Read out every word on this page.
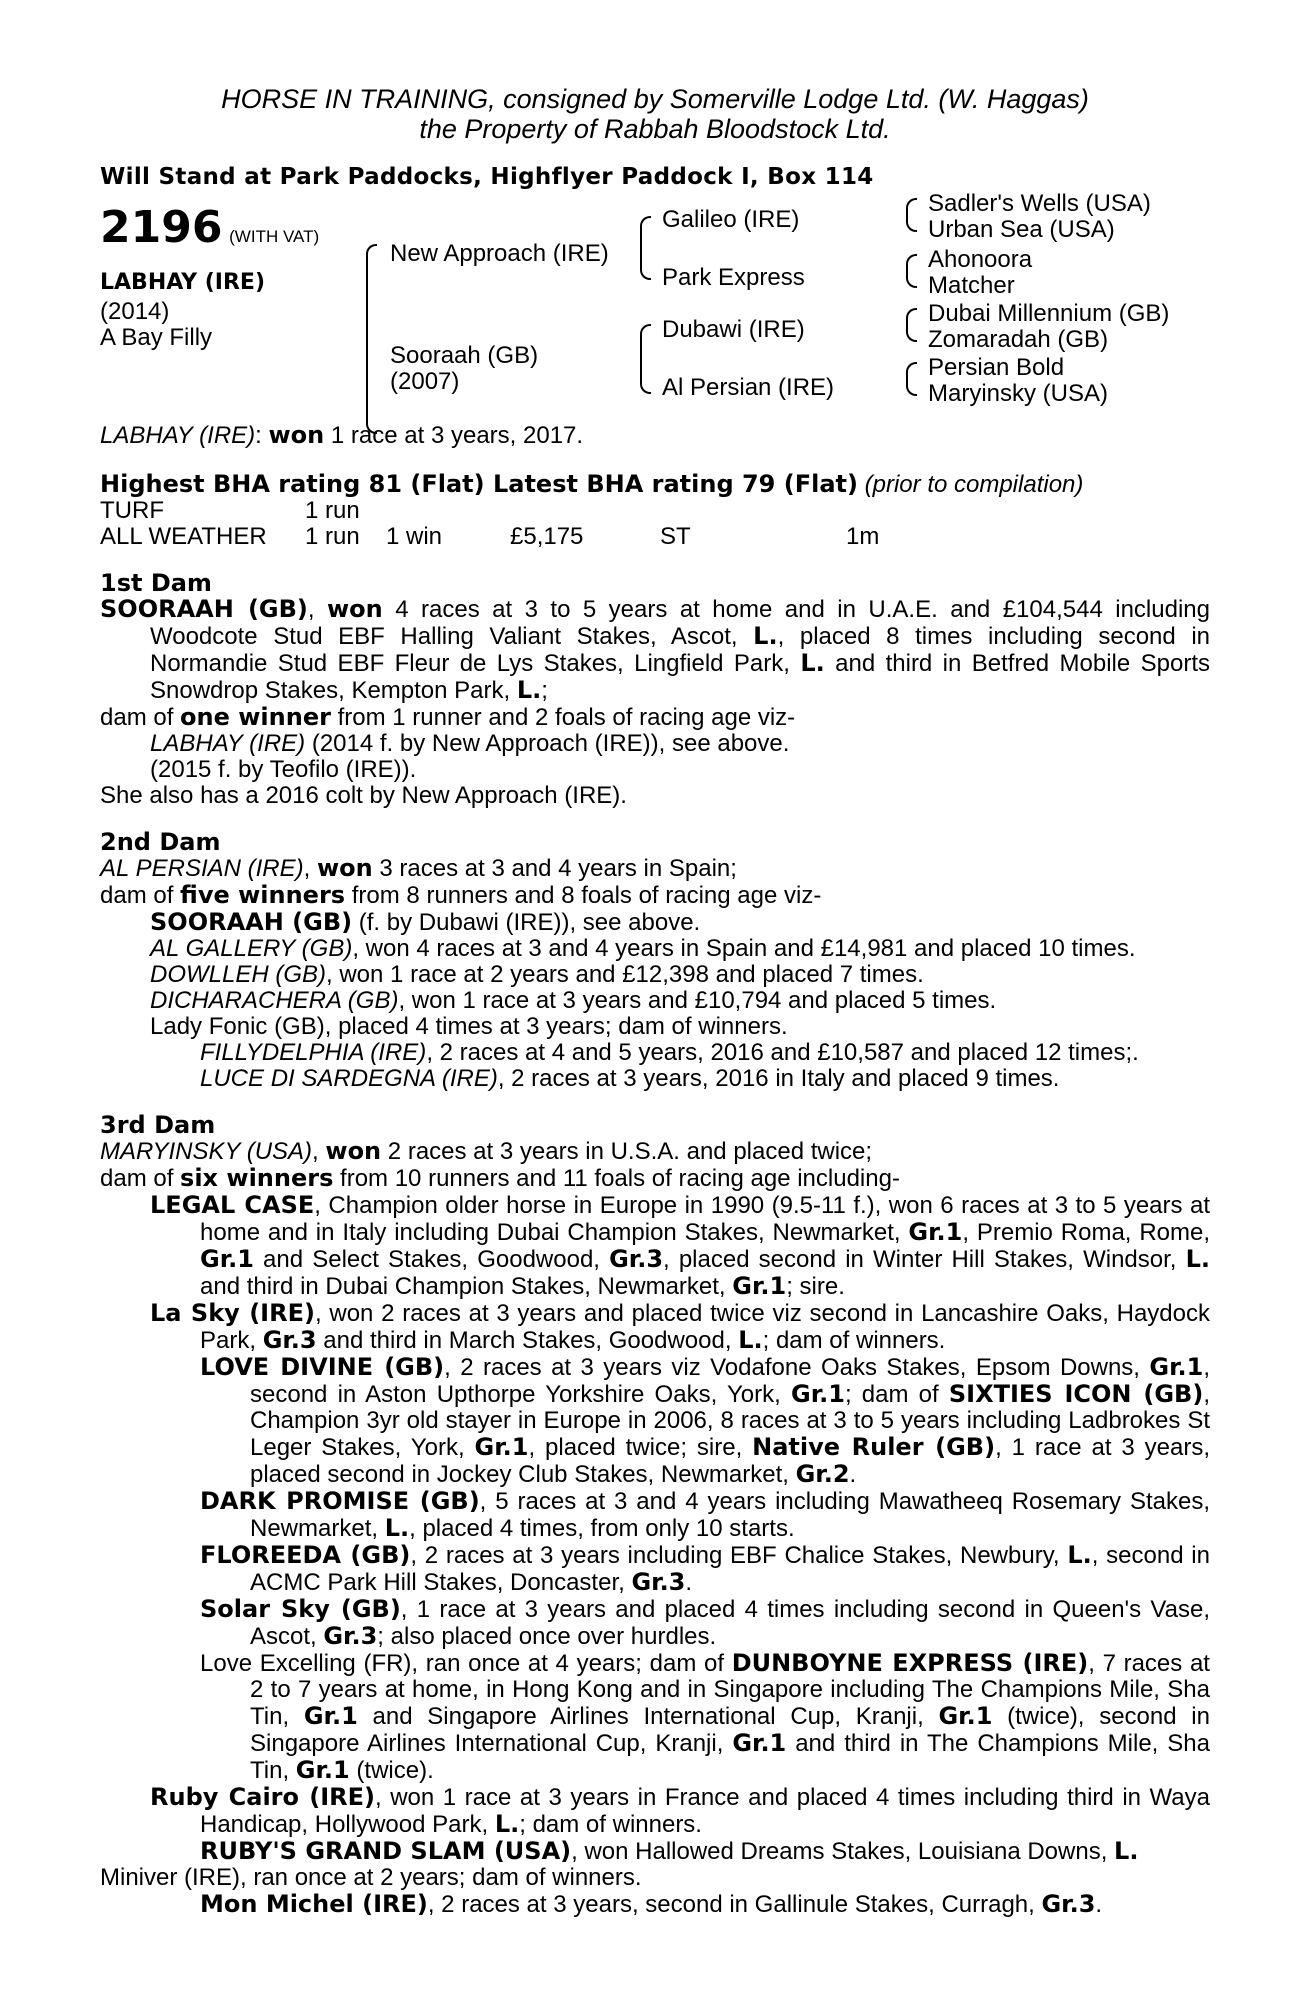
HORSE IN TRAINING, consigned by Somerville Lodge Ltd. (W. Haggas)
the Property of Rabbah Bloodstock Ltd.
Will Stand at Park Paddocks, Highflyer Paddock I, Box 114
2196 (WITH VAT)
LABHAY (IRE)
(2014)
A Bay Filly
New Approach (IRE)
Sooraah (GB)
(2007)
Galileo (IRE)
Park Express
Dubawi (IRE)
Al Persian (IRE)
Sadler's Wells (USA)
Urban Sea (USA)
Ahonoora
Matcher
Dubai Millennium (GB)
Zomaradah (GB)
Persian Bold
Maryinsky (USA)

LABHAY (IRE): won 1 race at 3 years, 2017.

Highest BHA rating 81 (Flat) Latest BHA rating 79 (Flat) (prior to compilation)

TURF	1 run
ALL WEATHER 1 run 1 win	£5,175	ST	1m

1st Dam

SOORAAH (GB), won 4 races at 3 to 5 years at home and in U.A.E. and £104,544 including Woodcote Stud EBF Halling Valiant Stakes, Ascot, L., placed 8 times including second in Normandie Stud EBF Fleur de Lys Stakes, Lingfield Park, L. and third in Betfred Mobile Sports Snowdrop Stakes, Kempton Park, L.;

dam of one winner from 1 runner and 2 foals of racing age viz-

LABHAY (IRE) (2014 f. by New Approach (IRE)), see above.

(2015 f. by Teofilo (IRE)).

She also has a 2016 colt by New Approach (IRE).

2nd Dam

AL PERSIAN (IRE), won 3 races at 3 and 4 years in Spain;

dam of five winners from 8 runners and 8 foals of racing age viz-

SOORAAH (GB) (f. by Dubawi (IRE)), see above.

AL GALLERY (GB), won 4 races at 3 and 4 years in Spain and £14,981 and placed 10 times.

DOWLLEH (GB), won 1 race at 2 years and £12,398 and placed 7 times.

DICHARACHERA (GB), won 1 race at 3 years and £10,794 and placed 5 times.

Lady Fonic (GB), placed 4 times at 3 years; dam of winners.

FILLYDELPHIA (IRE), 2 races at 4 and 5 years, 2016 and £10,587 and placed 12 times;.

LUCE DI SARDEGNA (IRE), 2 races at 3 years, 2016 in Italy and placed 9 times.

3rd Dam

MARYINSKY (USA), won 2 races at 3 years in U.S.A. and placed twice;

dam of six winners from 10 runners and 11 foals of racing age including-

LEGAL CASE, Champion older horse in Europe in 1990 (9.5-11 f.), won 6 races at 3 to 5 years at home and in Italy including Dubai Champion Stakes, Newmarket, Gr.1, Premio Roma, Rome, Gr.1 and Select Stakes, Goodwood, Gr.3, placed second in Winter Hill Stakes, Windsor, L. and third in Dubai Champion Stakes, Newmarket, Gr.1; sire.

La Sky (IRE), won 2 races at 3 years and placed twice viz second in Lancashire Oaks, Haydock Park, Gr.3 and third in March Stakes, Goodwood, L.; dam of winners.

LOVE DIVINE (GB), 2 races at 3 years viz Vodafone Oaks Stakes, Epsom Downs, Gr.1, second in Aston Upthorpe Yorkshire Oaks, York, Gr.1; dam of SIXTIES ICON (GB), Champion 3yr old stayer in Europe in 2006, 8 races at 3 to 5 years including Ladbrokes St Leger Stakes, York, Gr.1, placed twice; sire, Native Ruler (GB), 1 race at 3 years, placed second in Jockey Club Stakes, Newmarket, Gr.2.

DARK PROMISE (GB), 5 races at 3 and 4 years including Mawatheeq Rosemary Stakes, Newmarket, L., placed 4 times, from only 10 starts.

FLOREEDA (GB), 2 races at 3 years including EBF Chalice Stakes, Newbury, L., second in ACMC Park Hill Stakes, Doncaster, Gr.3.

Solar Sky (GB), 1 race at 3 years and placed 4 times including second in Queen's Vase, Ascot, Gr.3; also placed once over hurdles.

Love Excelling (FR), ran once at 4 years; dam of DUNBOYNE EXPRESS (IRE), 7 races at 2 to 7 years at home, in Hong Kong and in Singapore including The Champions Mile, Sha Tin, Gr.1 and Singapore Airlines International Cup, Kranji, Gr.1 (twice), second in Singapore Airlines International Cup, Kranji, Gr.1 and third in The Champions Mile, Sha Tin, Gr.1 (twice).

Ruby Cairo (IRE), won 1 race at 3 years in France and placed 4 times including third in Waya Handicap, Hollywood Park, L.; dam of winners.

RUBY'S GRAND SLAM (USA), won Hallowed Dreams Stakes, Louisiana Downs, L.

Miniver (IRE), ran once at 2 years; dam of winners.

Mon Michel (IRE), 2 races at 3 years, second in Gallinule Stakes, Curragh, Gr.3.
